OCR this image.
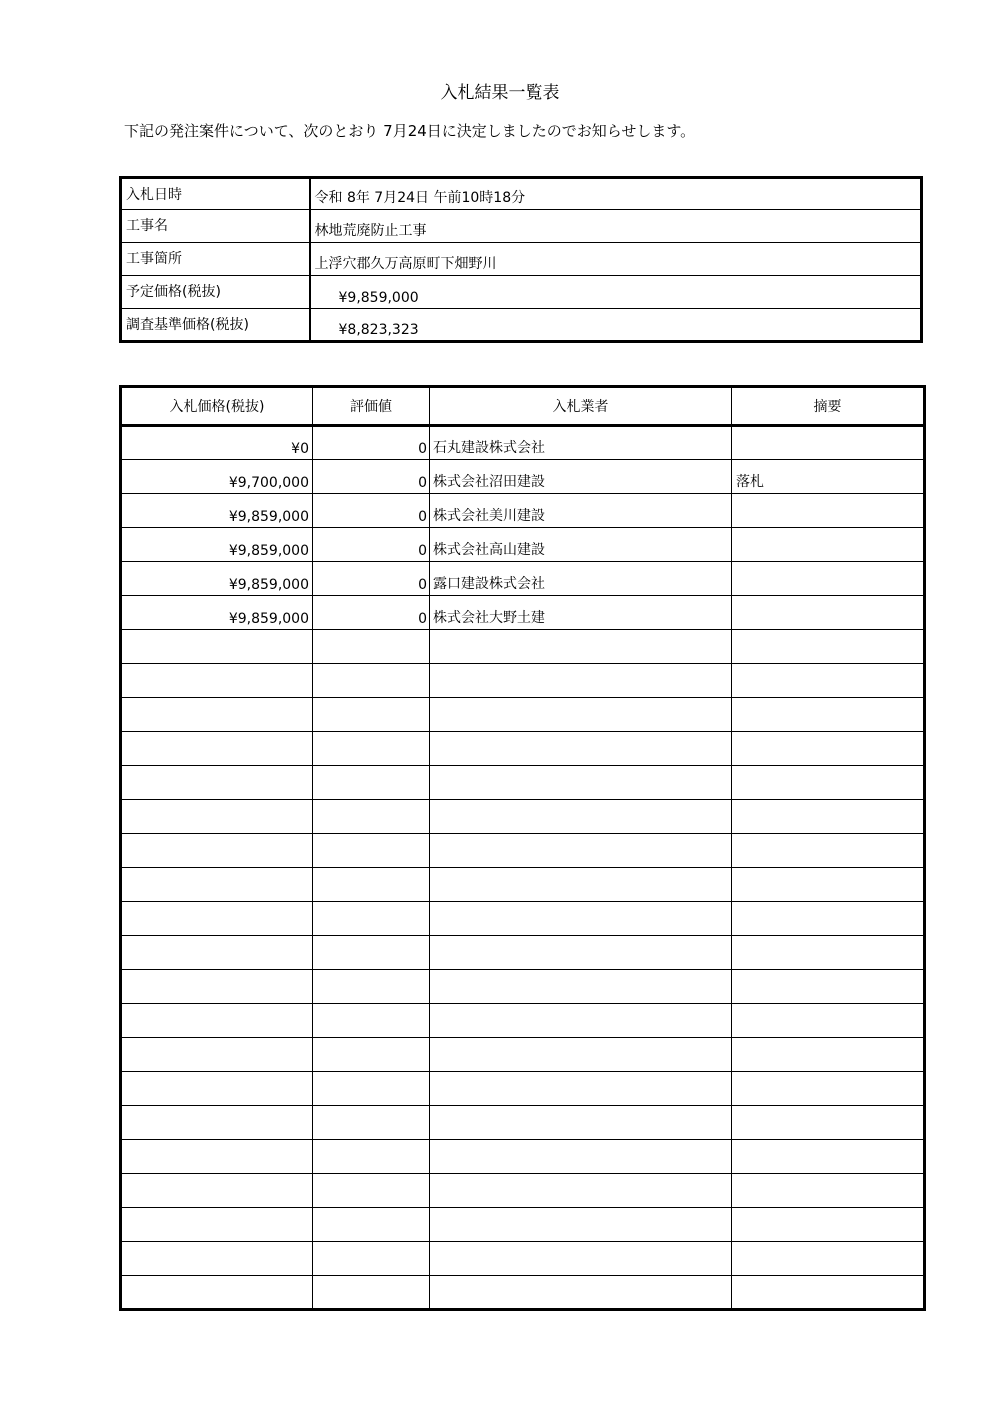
入札結果一覧表

下記の発注案件について、次のとおり 7月24日に決定しましたのでお知らせします。

入札日時	令和 8年 7月24日 午前10時18分
工事名	林地荒廃防止工事
工事箇所	上浮穴郡久万高原町下畑野川
予定価格(税抜)	¥9,859,000
調査基準価格(税抜)	¥8,823,323
入札価格(税抜)	評価値	入札業者	摘要
¥0	0	石丸建設株式会社	
¥9,700,000	0	株式会社沼田建設	落札
¥9,859,000	0	株式会社美川建設	
¥9,859,000	0	株式会社高山建設	
¥9,859,000	0	露口建設株式会社	
¥9,859,000	0	株式会社大野土建	
